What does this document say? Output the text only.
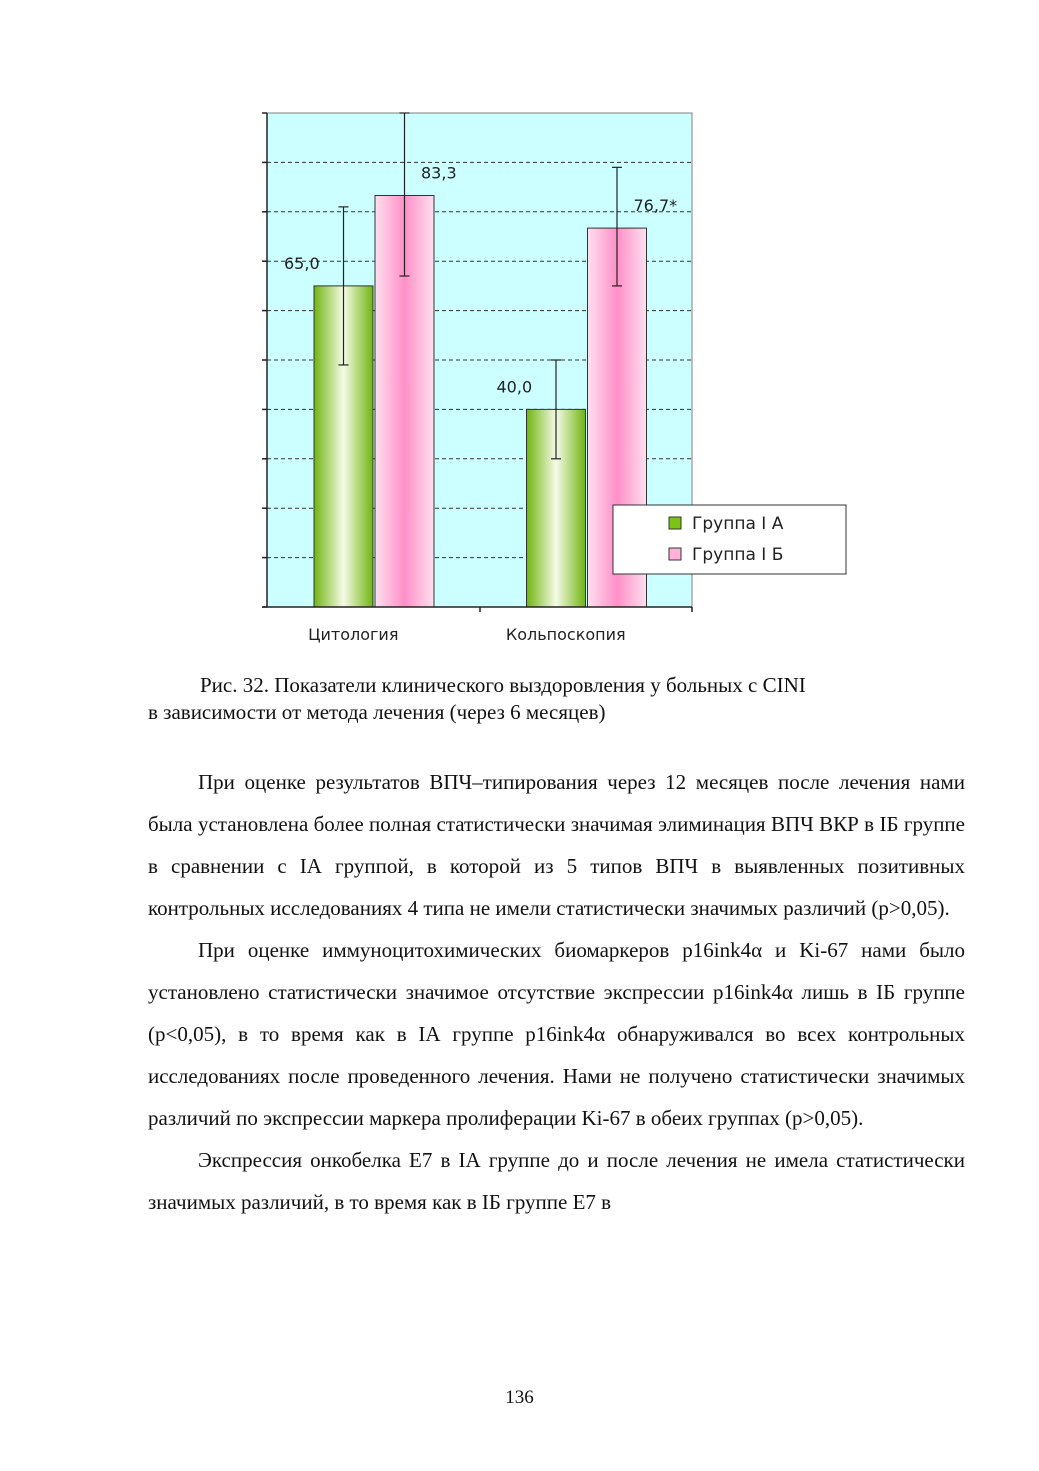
65,0
83,3
40,0
76,7*
Цитология	Кольпоскопия
Группа I А
Группа I Б
Рис. 32. Показатели клинического выздоровления у больных с CINI
в зависимости от метода лечения (через 6 месяцев)

При оценке результатов ВПЧ–типирования через 12 месяцев после лечения нами была установлена более полная статистически значимая элиминация ВПЧ ВКР в IБ группе в сравнении с IА группой, в которой из 5 типов ВПЧ в выявленных позитивных контрольных исследованиях 4 типа не имели статистически значимых различий (р>0,05).

При оценке иммуноцитохимических биомаркеров p16ink4α и Ki-67 нами было установлено статистически значимое отсутствие экспрессии p16ink4α лишь в IБ группе (р<0,05), в то время как в IА группе p16ink4α обнаруживался во всех контрольных исследованиях после проведенного лечения. Нами не получено статистически значимых различий по экспрессии маркера пролиферации Ki-67 в обеих группах (р>0,05).

Экспрессия онкобелка Е7 в IА группе до и после лечения не имела статистически значимых различий, в то время как в IБ группе Е7 в

136
